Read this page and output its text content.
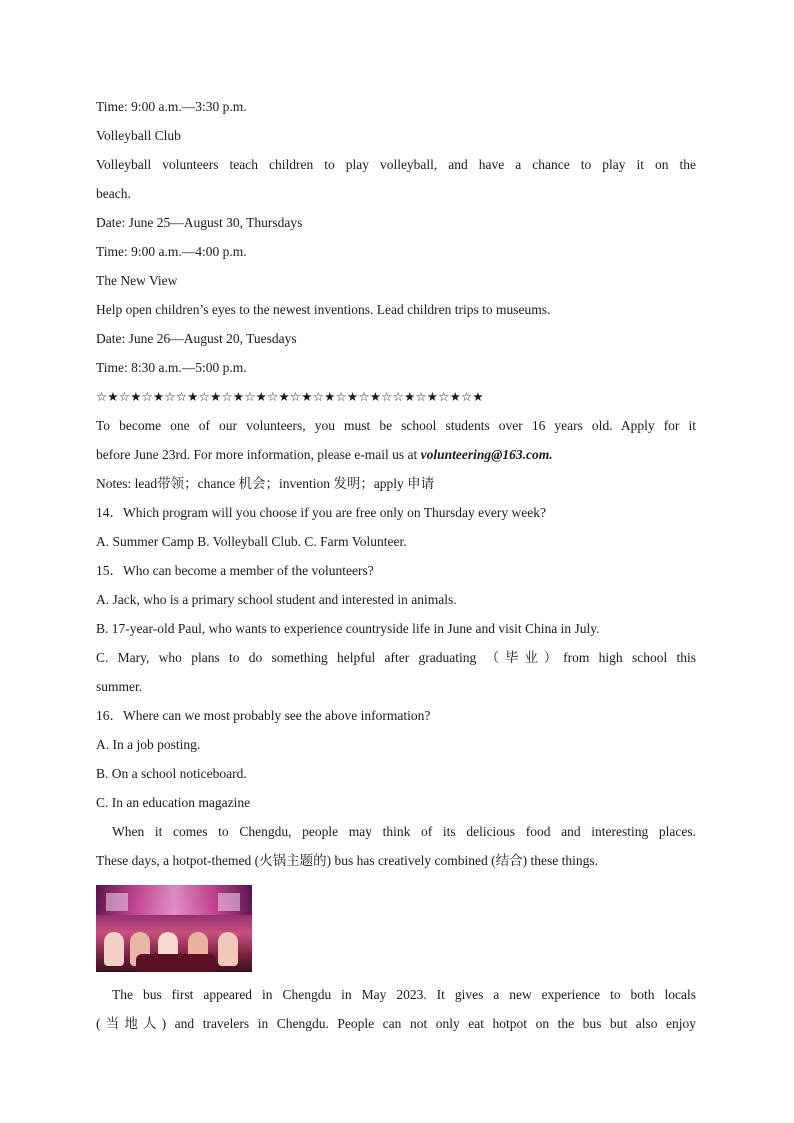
Time: 9:00 a.m.—3:30 p.m.
Volleyball Club
Volleyball volunteers teach children to play volleyball, and have a chance to play it on the
beach.
Date: June 25—August 30, Thursdays
Time: 9:00 a.m.—4:00 p.m.
The New View
Help open children’s eyes to the newest inventions. Lead children trips to museums.
Date: June 26—August 20, Tuesdays
Time: 8:30 a.m.—5:00 p.m.
☆★☆★☆★☆☆★☆★☆★☆★☆★☆★☆★☆★☆★☆☆★☆★☆★☆★
To become one of our volunteers, you must be school students over 16 years old. Apply for it
before June 23rd. For more information, please e-mail us at volunteering@163.com.
Notes: lead带领；chance 机会；invention 发明；apply 申请
14．Which program will you choose if you are free only on Thursday every week?
A. Summer Camp B. Volleyball Club. C. Farm Volunteer.
15．Who can become a member of the volunteers?
A. Jack, who is a primary school student and interested in animals.
B. 17-year-old Paul, who wants to experience countryside life in June and visit China in July.
C. Mary, who plans to do something helpful after graduating （毕业）from high school this
summer.
16．Where can we most probably see the above information?
A. In a job posting.
B. On a school noticeboard.
C. In an education magazine
When it comes to Chengdu, people may think of its delicious food and interesting places.
These days, a hotpot-themed (火锅主题的) bus has creatively combined (结合) these things.
The bus first appeared in Chengdu in May 2023. It gives a new experience to both locals
(当地人) and travelers in Chengdu. People can not only eat hotpot on the bus but also enjoy
